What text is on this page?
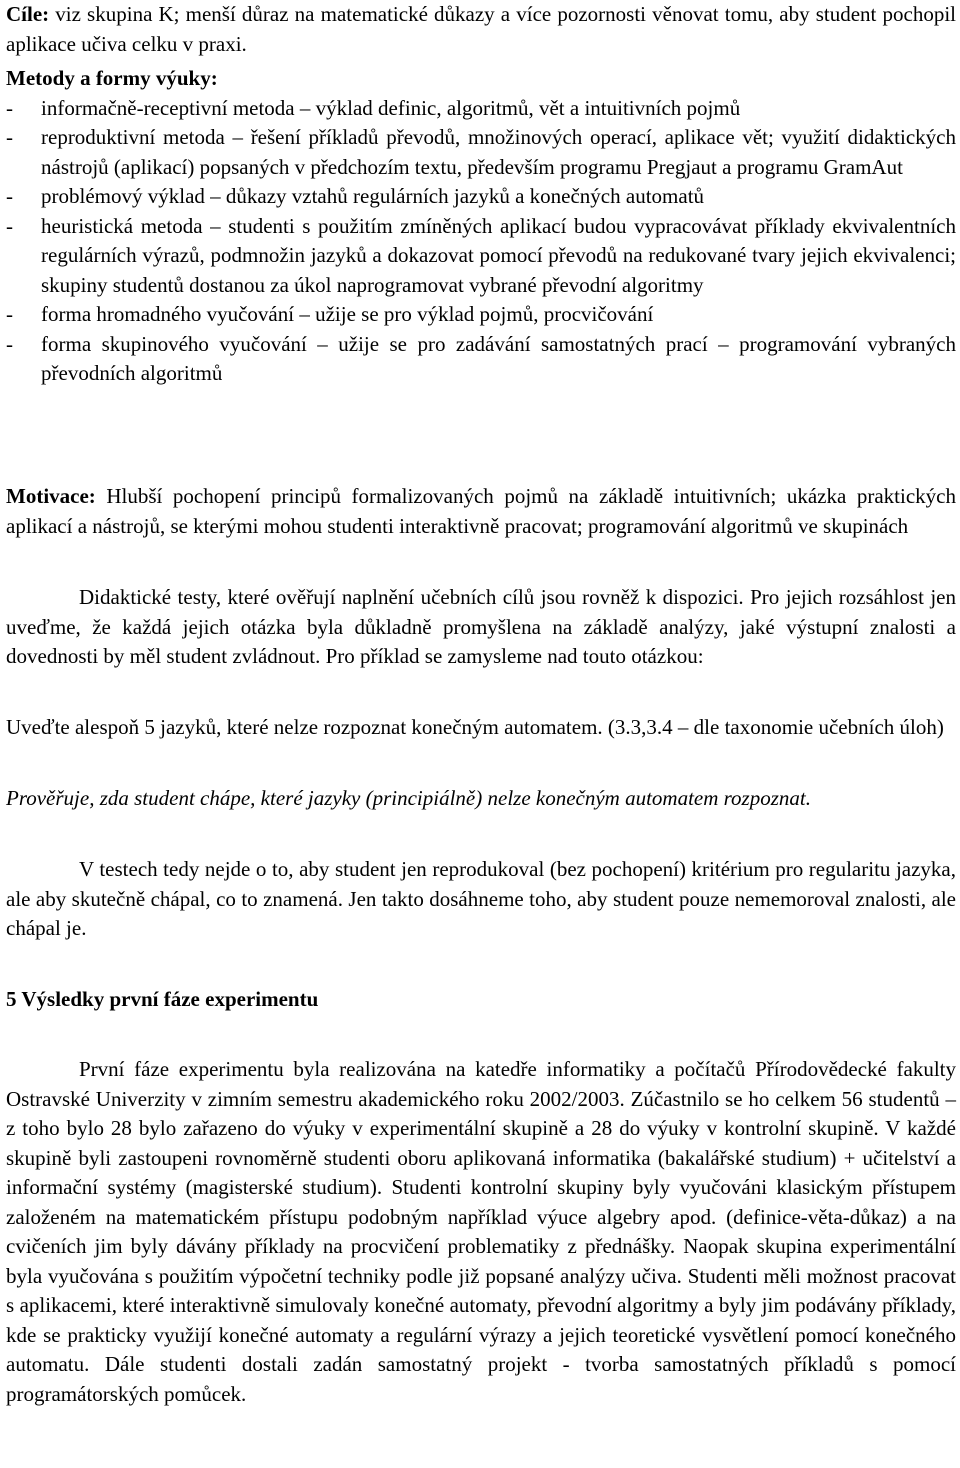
Cíle: viz skupina K; menší důraz na matematické důkazy a více pozornosti věnovat tomu, aby student pochopil aplikace učiva celku v praxi.

Metody a formy výuky:

- informačně-receptivní metoda – výklad definic, algoritmů, vět a intuitivních pojmů
- reproduktivní metoda – řešení příkladů převodů, množinových operací, aplikace vět; využití didaktických nástrojů (aplikací) popsaných v předchozím textu, především programu Pregjaut a programu GramAut
- problémový výklad – důkazy vztahů regulárních jazyků a konečných automatů
- heuristická metoda – studenti s použitím zmíněných aplikací budou vypracovávat příklady ekvivalentních regulárních výrazů, podmnožin jazyků a dokazovat pomocí převodů na redukované tvary jejich ekvivalenci; skupiny studentů dostanou za úkol naprogramovat vybrané převodní algoritmy
- forma hromadného vyučování – užije se pro výklad pojmů, procvičování
- forma skupinového vyučování – užije se pro zadávání samostatných prací – programování vybraných převodních algoritmů

Motivace: Hlubší pochopení principů formalizovaných pojmů na základě intuitivních; ukázka praktických aplikací a nástrojů, se kterými mohou studenti interaktivně pracovat; programování algoritmů ve skupinách

Didaktické testy, které ověřují naplnění učebních cílů jsou rovněž k dispozici. Pro jejich rozsáhlost jen uveďme, že každá jejich otázka byla důkladně promyšlena na základě analýzy, jaké výstupní znalosti a dovednosti by měl student zvládnout. Pro příklad se zamysleme nad touto otázkou:

Uveďte alespoň 5 jazyků, které nelze rozpoznat konečným automatem. (3.3,3.4 – dle taxonomie učebních úloh)

Prověřuje, zda student chápe, které jazyky (principiálně) nelze konečným automatem rozpoznat.

V testech tedy nejde o to, aby student jen reprodukoval (bez pochopení) kritérium pro regularitu jazyka, ale aby skutečně chápal, co to znamená. Jen takto dosáhneme toho, aby student pouze nememoroval znalosti, ale chápal je.

5 Výsledky první fáze experimentu

První fáze experimentu byla realizována na katedře informatiky a počítačů Přírodovědecké fakulty Ostravské Univerzity v zimním semestru akademického roku 2002/2003. Zúčastnilo se ho celkem 56 studentů – z toho bylo 28 bylo zařazeno do výuky v experimentální skupině a 28 do výuky v kontrolní skupině. V každé skupině byli zastoupeni rovnoměrně studenti oboru aplikovaná informatika (bakalářské studium) + učitelství a informační systémy (magisterské studium). Studenti kontrolní skupiny byly vyučováni klasickým přístupem založeném na matematickém přístupu podobným například výuce algebry apod. (definice-věta-důkaz) a na cvičeních jim byly dávány příklady na procvičení problematiky z přednášky. Naopak skupina experimentální byla vyučována s použitím výpočetní techniky podle již popsané analýzy učiva. Studenti měli možnost pracovat s aplikacemi, které interaktivně simulovaly konečné automaty, převodní algoritmy a byly jim podávány příklady, kde se prakticky využijí konečné automaty a regulární výrazy a jejich teoretické vysvětlení pomocí konečného automatu. Dále studenti dostali zadán samostatný projekt - tvorba samostatných příkladů s pomocí programátorských pomůcek.
